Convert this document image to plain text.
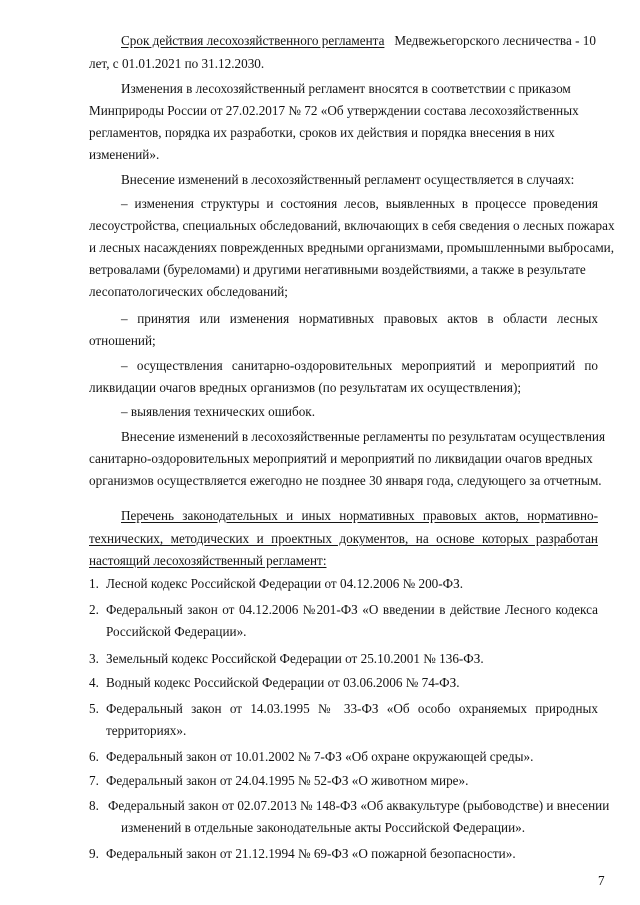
Срок действия лесохозяйственного регламента Медвежьегорского лесничества - 10
лет, с 01.01.2021 по 31.12.2030.
Изменения в лесохозяйственный регламент вносятся в соответствии с приказом
Минприроды России от 27.02.2017 № 72 «Об утверждении состава лесохозяйственных
регламентов, порядка их разработки, сроков их действия и порядка внесения в них
изменений».
Внесение изменений в лесохозяйственный регламент осуществляется в случаях:
– изменения структуры и состояния лесов, выявленных в процессе проведения
лесоустройства, специальных обследований, включающих в себя сведения о лесных пожарах
и лесных насаждениях поврежденных вредными организмами, промышленными выбросами,
ветровалами (буреломами) и другими негативными воздействиями, а также в результате
лесопатологических обследований;
– принятия или изменения нормативных правовых актов в области лесных
отношений;
– осуществления санитарно-оздоровительных мероприятий и мероприятий по
ликвидации очагов вредных организмов (по результатам их осуществления);
– выявления технических ошибок.
Внесение изменений в лесохозяйственные регламенты по результатам осуществления
санитарно-оздоровительных мероприятий и мероприятий по ликвидации очагов вредных
организмов осуществляется ежегодно не позднее 30 января года, следующего за отчетным.
Перечень законодательных и иных нормативных правовых актов, нормативно-
технических, методических и проектных документов, на основе которых разработан
настоящий лесохозяйственный регламент:
1. Лесной кодекс Российской Федерации от 04.12.2006 № 200-ФЗ.
2. Федеральный закон от 04.12.2006 №201-ФЗ «О введении в действие Лесного кодекса
Российской Федерации».
3. Земельный кодекс Российской Федерации от 25.10.2001 № 136-ФЗ.
4. Водный кодекс Российской Федерации от 03.06.2006 № 74-ФЗ.
5. Федеральный закон от 14.03.1995 № 33-ФЗ «Об особо охраняемых природных
территориях».
6. Федеральный закон от 10.01.2002 № 7-ФЗ «Об охране окружающей среды».
7. Федеральный закон от 24.04.1995 № 52-ФЗ «О животном мире».
8. Федеральный закон от 02.07.2013 № 148-ФЗ «Об аквакультуре (рыбоводстве) и внесении
изменений в отдельные законодательные акты Российской Федерации».
9. Федеральный закон от 21.12.1994 № 69-ФЗ «О пожарной безопасности».
7
